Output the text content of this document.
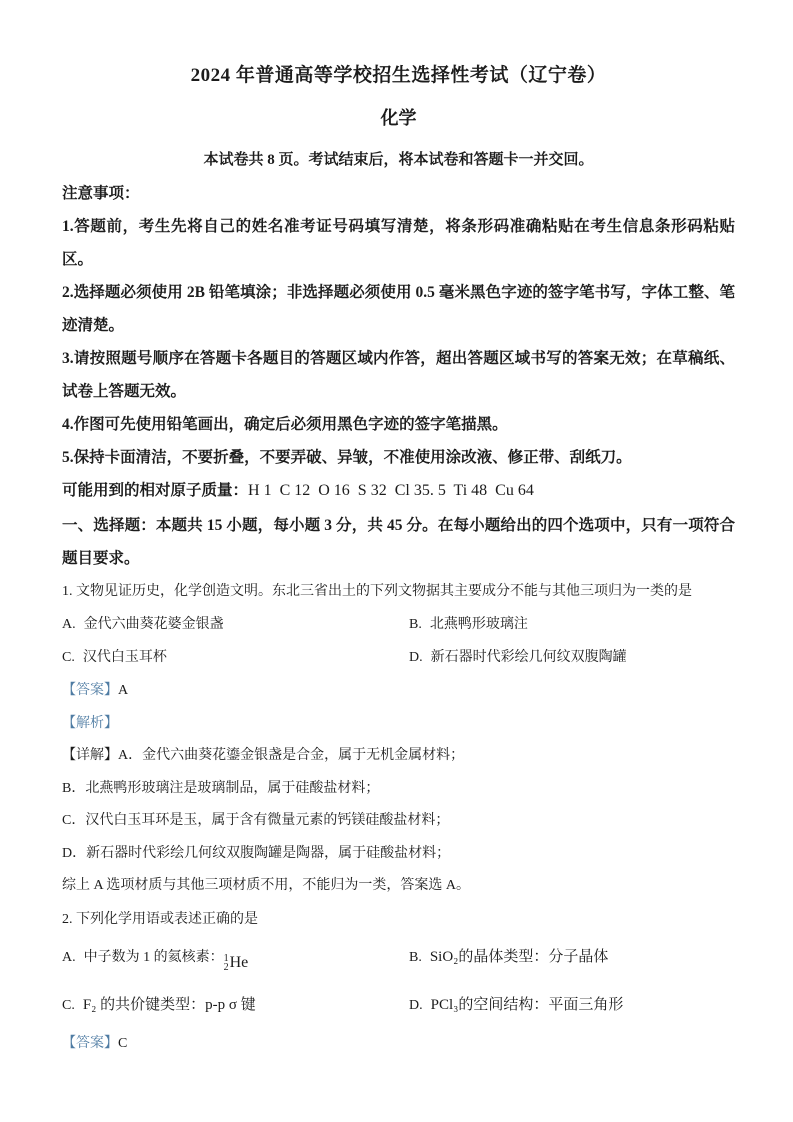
2024 年普通高等学校招生选择性考试（辽宁卷）
化学

本试卷共 8 页。考试结束后，将本试卷和答题卡一并交回。

注意事项：

1.答题前，考生先将自己的姓名准考证号码填写清楚，将条形码准确粘贴在考生信息条形码粘贴区。

2.选择题必须使用 2B 铅笔填涂；非选择题必须使用 0.5 毫米黑色字迹的签字笔书写，字体工整、笔迹清楚。

3.请按照题号顺序在答题卡各题目的答题区域内作答，超出答题区域书写的答案无效；在草稿纸、试卷上答题无效。

4.作图可先使用铅笔画出，确定后必须用黑色字迹的签字笔描黑。

5.保持卡面清洁，不要折叠，不要弄破、异皱，不准使用涂改液、修正带、刮纸刀。

可能用到的相对原子质量：H 1  C 12  O 16  S 32  Cl 35. 5  Ti 48  Cu 64

一、选择题：本题共 15 小题，每小题 3 分，共 45 分。在每小题给出的四个选项中，只有一项符合题目要求。

1. 文物见证历史，化学创造文明。东北三省出土的下列文物据其主要成分不能与其他三项归为一类的是

A. 金代六曲葵花婆金银盏	B. 北燕鸭形玻璃注
C. 汉代白玉耳杯	D. 新石器时代彩绘几何纹双腹陶罐

【答案】A

【解析】

【详解】A．金代六曲葵花鎏金银盏是合金，属于无机金属材料；

B．北燕鸭形玻璃注是玻璃制品，属于硅酸盐材料；

C．汉代白玉耳环是玉，属于含有微量元素的钙镁硅酸盐材料；

D．新石器时代彩绘几何纹双腹陶罐是陶器，属于硅酸盐材料；

综上 A 选项材质与其他三项材质不用，不能归为一类，答案选 A。

2. 下列化学用语或表述正确的是

A. 中子数为 1 的氦核素： 1
2 He	B. SiO₂的晶体类型：分子晶体
C. F₂ 的共价键类型：p-p σ 键	D. PCl₃的空间结构：平面三角形

【答案】C
